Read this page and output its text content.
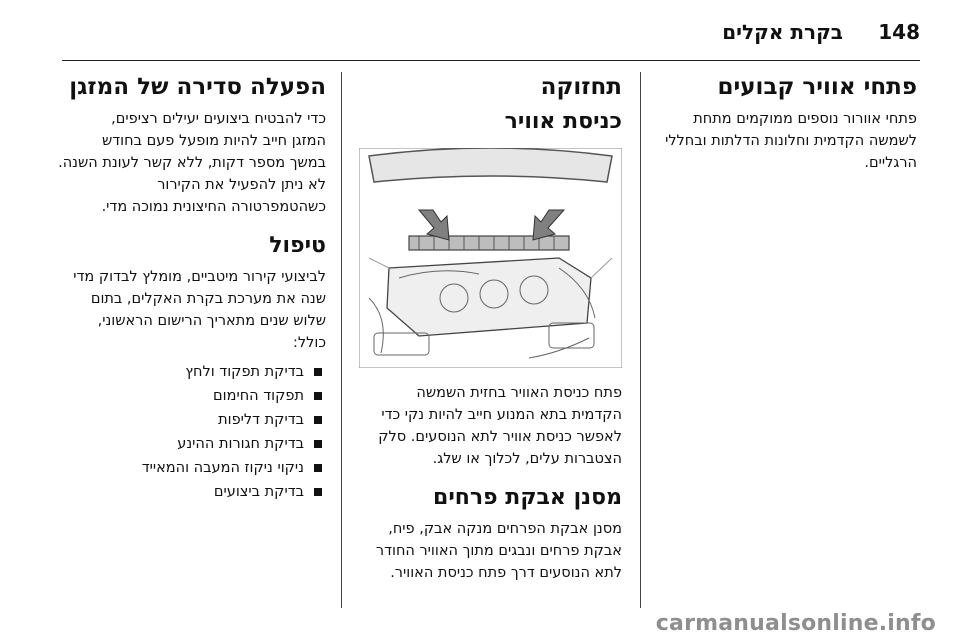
148
בקרת אקלים
פתחי אוויר קבועים

פתחי אוורור נוספים ממוקמים מתחת

לשמשה הקדמית וחלונות הדלתות ובחללי

הרגליים.

תחזוקה
כניסת אוויר

פתח כניסת האוויר בחזית השמשה

הקדמית בתא המנוע חייב להיות נקי כדי

לאפשר כניסת אוויר לתא הנוסעים. סלק

הצטברות עלים, לכלוך או שלג.

מסנן אבקת פרחים

מסנן אבקת הפרחים מנקה אבק, פיח,

אבקת פרחים ונבגים מתוך האוויר החודר

לתא הנוסעים דרך פתח כניסת האוויר.

הפעלה סדירה של המזגן

כדי להבטיח ביצועים יעילים רציפים,

המזגן חייב להיות מופעל פעם בחודש

במשך מספר דקות, ללא קשר לעונת השנה.

לא ניתן להפעיל את הקירור

כשהטמפרטורה החיצונית נמוכה מדי.

טיפול

לביצועי קירור מיטביים, מומלץ לבדוק מדי

שנה את מערכת בקרת האקלים, בתום

שלוש שנים מתאריך הרישום הראשוני,

כולל:

בדיקת תפקוד ולחץ
תפקוד החימום
בדיקת דליפות
בדיקת חגורות ההינע
ניקוי ניקוז המעבה והמאייד
בדיקת ביצועים
carmanualsonline.info
